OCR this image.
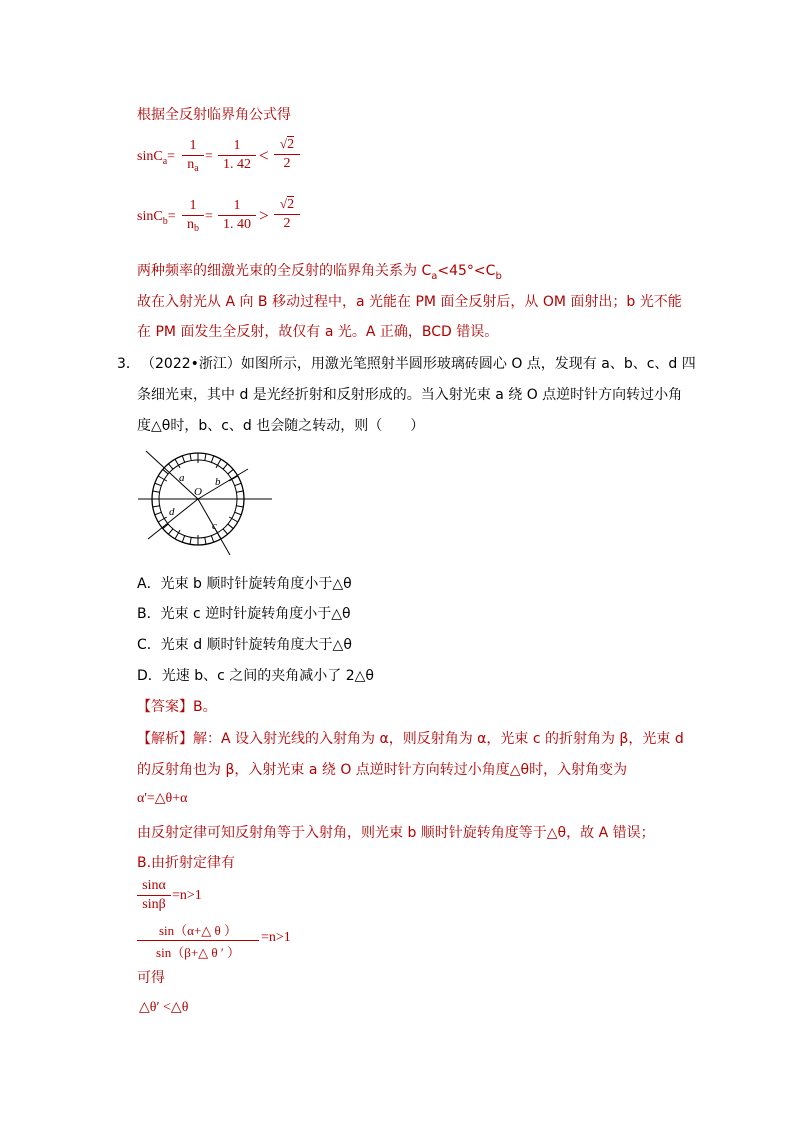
根据全反射临界角公式得
sinC$_a$=
1
$n_a$
=
1
1. 42 <
√2
2
sinC$_b$=
1
$n_b$
=
1
1. 40 >
√2
2
两种频率的细激光束的全反射的临界角关系为 $C_a<45^\circ<C_b$
故在入射光从 A 向 B 移动过程中，a 光能在 PM 面全反射后，从 OM 面射出；b 光不能
在 PM 面发生全反射，故仅有 a 光。A 正确，BCD 错误。
3． （2022•浙江）如图所示，用激光笔照射半圆形玻璃砖圆心 O 点，发现有 a、b、c、d 四
条细光束，其中 d 是光经折射和反射形成的。当入射光束 a 绕 O 点逆时针方向转过小角
度△θ时，b、c、d 也会随之转动，则（　　）
a	b
O
d
c
A．光束 b 顺时针旋转角度小于△θ
B．光束 c 逆时针旋转角度小于△θ
C．光束 d 顺时针旋转角度大于△θ
D．光速 b、c 之间的夹角减小了 2△θ
【答案】B。
【解析】解：A 设入射光线的入射角为 α，则反射角为 α，光束 c 的折射角为 β，光束 d
的反射角也为 β，入射光束 a 绕 O 点逆时针方向转过小角度△θ时，入射角变为
α'=△θ+α
由反射定律可知反射角等于入射角，则光束 b 顺时针旋转角度等于△θ，故 A 错误；
B.由折射定律有
sinα
sinβ
=n>1
sin（α+△ θ ）
sin（β+△ θ ′ ）
=n>1
可得
△θ′ <△θ
